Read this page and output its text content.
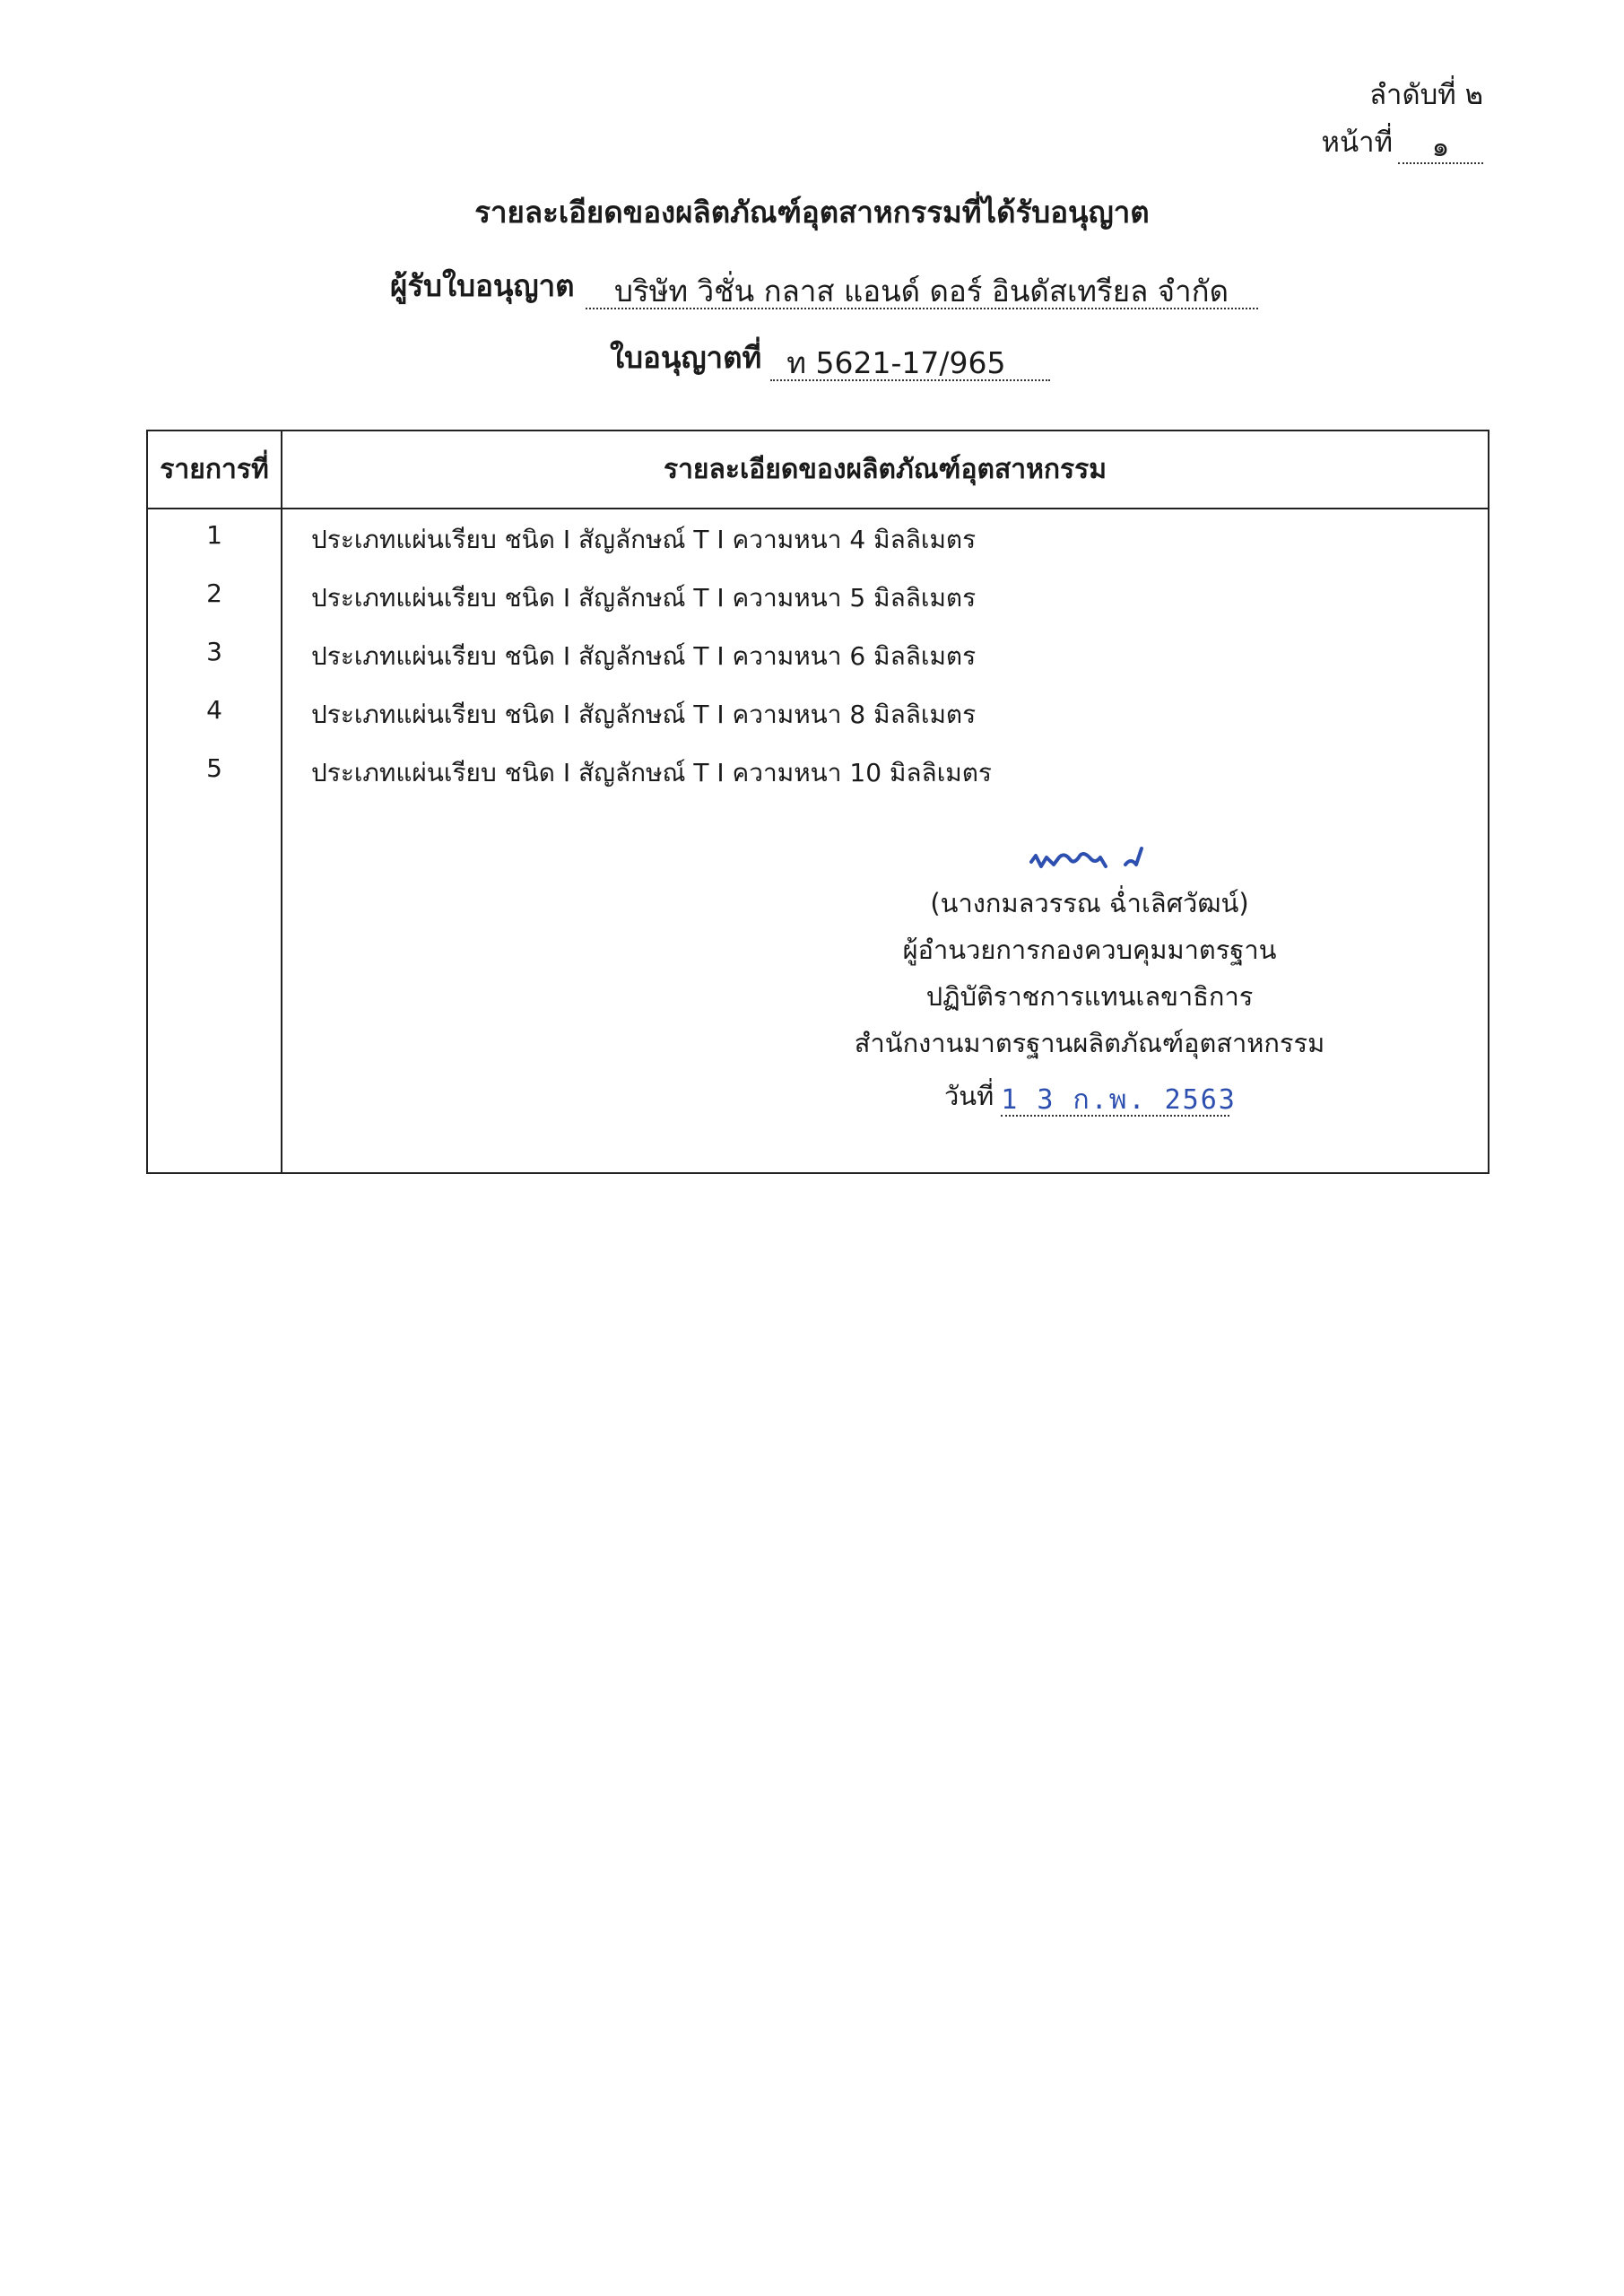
ลำดับที่ ๒
หน้าที่	๑
รายละเอียดของผลิตภัณฑ์อุตสาหกรรมที่ได้รับอนุญาต
ผู้รับใบอนุญาต	บริษัท วิชั่น กลาส แอนด์ ดอร์ อินดัสเทรียล จำกัด
ใบอนุญาตที่ ท 5621-17/965
รายการที่	รายละเอียดของผลิตภัณฑ์อุตสาหกรรม
1	ประเภทแผ่นเรียบ ชนิด I สัญลักษณ์ T I ความหนา 4 มิลลิเมตร
2	ประเภทแผ่นเรียบ ชนิด I สัญลักษณ์ T I ความหนา 5 มิลลิเมตร
3	ประเภทแผ่นเรียบ ชนิด I สัญลักษณ์ T I ความหนา 6 มิลลิเมตร
4	ประเภทแผ่นเรียบ ชนิด I สัญลักษณ์ T I ความหนา 8 มิลลิเมตร
5	ประเภทแผ่นเรียบ ชนิด I สัญลักษณ์ T I ความหนา 10 มิลลิเมตร
(นางกมลวรรณ ฉ่ำเลิศวัฒน์)
ผู้อำนวยการกองควบคุมมาตรฐาน
ปฏิบัติราชการแทนเลขาธิการ
สำนักงานมาตรฐานผลิตภัณฑ์อุตสาหกรรม
วันที่ 1 3 ก.พ. 2563
